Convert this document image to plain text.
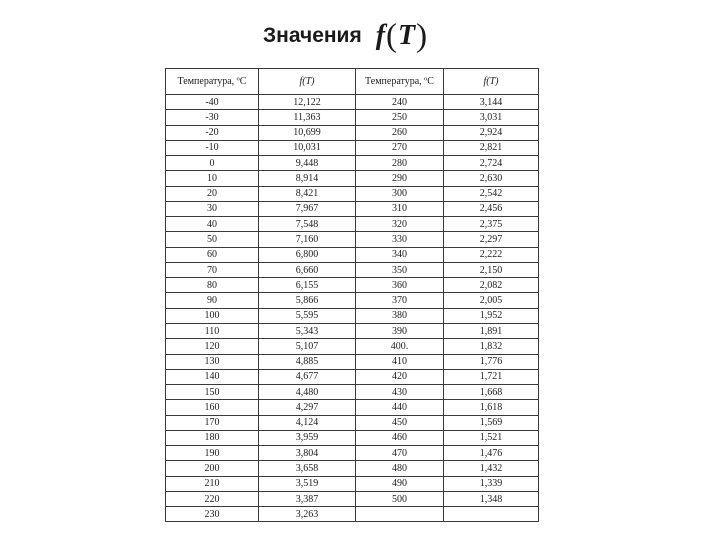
Значения f ( T )
Температура, ºС	f(T)	Температура, ºС	f(T)
-40	12,122	240	3,144
-30	11,363	250	3,031
-20	10,699	260	2,924
-10	10,031	270	2,821
0	9,448	280	2,724
10	8,914	290	2,630
20	8,421	300	2,542
30	7,967	310	2,456
40	7,548	320	2,375
50	7,160	330	2,297
60	6,800	340	2,222
70	6,660	350	2,150
80	6,155	360	2,082
90	5,866	370	2,005
100	5,595	380	1,952
110	5,343	390	1,891
120	5,107	400.	1,832
130	4,885	410	1,776
140	4,677	420	1,721
150	4,480	430	1,668
160	4,297	440	1,618
170	4,124	450	1,569
180	3,959	460	1,521
190	3,804	470	1,476
200	3,658	480	1,432
210	3,519	490	1,339
220	3,387	500	1,348
230	3,263		
